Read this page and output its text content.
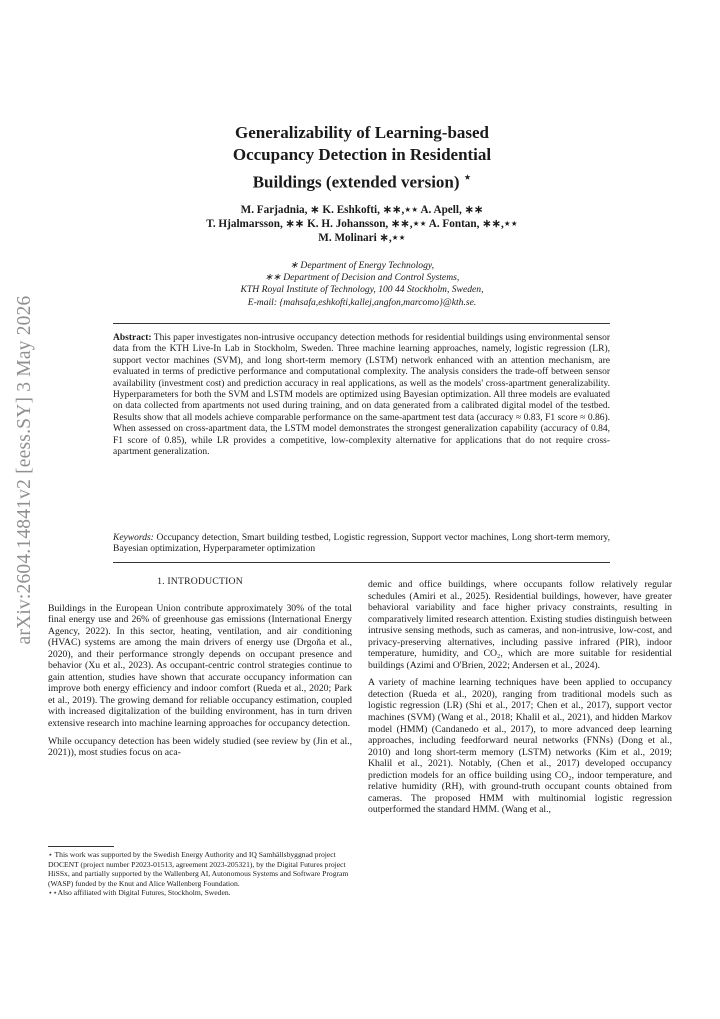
arXiv:2604.14841v2 [eess.SY] 3 May 2026
Generalizability of Learning-based
Occupancy Detection in Residential
Buildings (extended version) ⋆
M. Farjadnia, ∗ K. Eshkofti, ∗∗,⋆⋆ A. Apell, ∗∗
T. Hjalmarsson, ∗∗ K. H. Johansson, ∗∗,⋆⋆ A. Fontan, ∗∗,⋆⋆
M. Molinari ∗,⋆⋆
∗ Department of Energy Technology,
∗∗ Department of Decision and Control Systems,
KTH Royal Institute of Technology, 100 44 Stockholm, Sweden,
E-mail: {mahsafa,eshkofti,kallej,angfon,marcomo}@kth.se.
Abstract: This paper investigates non-intrusive occupancy detection methods for residential buildings using environmental sensor data from the KTH Live-In Lab in Stockholm, Sweden. Three machine learning approaches, namely, logistic regression (LR), support vector machines (SVM), and long short-term memory (LSTM) network enhanced with an attention mechanism, are evaluated in terms of predictive performance and computational complexity. The analysis considers the trade-off between sensor availability (investment cost) and prediction accuracy in real applications, as well as the models' cross-apartment generalizability. Hyperparameters for both the SVM and LSTM models are optimized using Bayesian optimization. All three models are evaluated on data collected from apartments not used during training, and on data generated from a calibrated digital model of the testbed. Results show that all models achieve comparable performance on the same-apartment test data (accuracy ≈ 0.83, F1 score ≈ 0.86). When assessed on cross-apartment data, the LSTM model demonstrates the strongest generalization capability (accuracy of 0.84, F1 score of 0.85), while LR provides a competitive, low-complexity alternative for applications that do not require cross-apartment generalization.
Keywords: Occupancy detection, Smart building testbed, Logistic regression, Support vector machines, Long short-term memory, Bayesian optimization, Hyperparameter optimization
1. INTRODUCTION

Buildings in the European Union contribute approximately 30% of the total final energy use and 26% of greenhouse gas emissions (International Energy Agency, 2022). In this sector, heating, ventilation, and air conditioning (HVAC) systems are among the main drivers of energy use (Drgoňa et al., 2020), and their performance strongly depends on occupant presence and behavior (Xu et al., 2023). As occupant-centric control strategies continue to gain attention, studies have shown that accurate occupancy information can improve both energy efficiency and indoor comfort (Rueda et al., 2020; Park et al., 2019). The growing demand for reliable occupancy estimation, coupled with increased digitalization of the building environment, has in turn driven extensive research into machine learning approaches for occupancy detection.

While occupancy detection has been widely studied (see review by (Jin et al., 2021)), most studies focus on aca-

demic and office buildings, where occupants follow relatively regular schedules (Amiri et al., 2025). Residential buildings, however, have greater behavioral variability and face higher privacy constraints, resulting in comparatively limited research attention. Existing studies distinguish between intrusive sensing methods, such as cameras, and non-intrusive, low-cost, and privacy-preserving alternatives, including passive infrared (PIR), indoor temperature, humidity, and CO₂, which are more suitable for residential buildings (Azimi and O'Brien, 2022; Andersen et al., 2024).

A variety of machine learning techniques have been applied to occupancy detection (Rueda et al., 2020), ranging from traditional models such as logistic regression (LR) (Shi et al., 2017; Chen et al., 2017), support vector machines (SVM) (Wang et al., 2018; Khalil et al., 2021), and hidden Markov model (HMM) (Candanedo et al., 2017), to more advanced deep learning approaches, including feedforward neural networks (FNNs) (Dong et al., 2010) and long short-term memory (LSTM) networks (Kim et al., 2019; Khalil et al., 2021). Notably, (Chen et al., 2017) developed occupancy prediction models for an office building using CO₂, indoor temperature, and relative humidity (RH), with ground-truth occupant counts obtained from cameras. The proposed HMM with multinomial logistic regression outperformed the standard HMM. (Wang et al.,

⋆ This work was supported by the Swedish Energy Authority and IQ Samhällsbyggnad project DOCENT (project number P2023-01513, agreement 2023-205321), by the Digital Futures project HiSSx, and partially supported by the Wallenberg AI, Autonomous Systems and Software Program (WASP) funded by the Knut and Alice Wallenberg Foundation.

⋆⋆Also affiliated with Digital Futures, Stockholm, Sweden.
